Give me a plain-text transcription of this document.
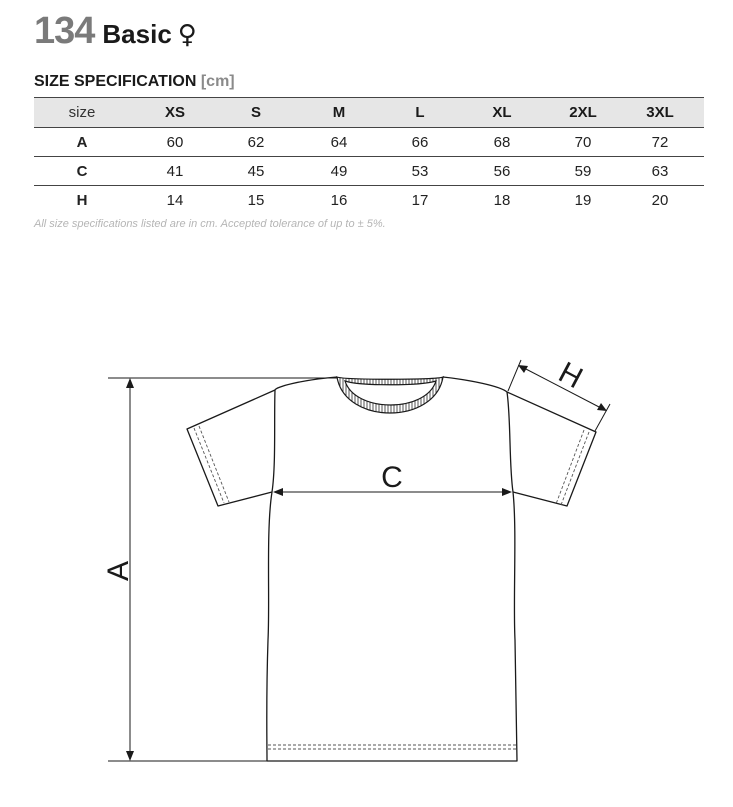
134 Basic ♀
SIZE SPECIFICATION [cm]
size	XS	S	M	L	XL	2XL	3XL
A	60	62	64	66	68	70	72
C	41	45	49	53	56	59	63
H	14	15	16	17	18	19	20
All size specifications listed are in cm. Accepted tolerance of up to ± 5%.
A
C
H
